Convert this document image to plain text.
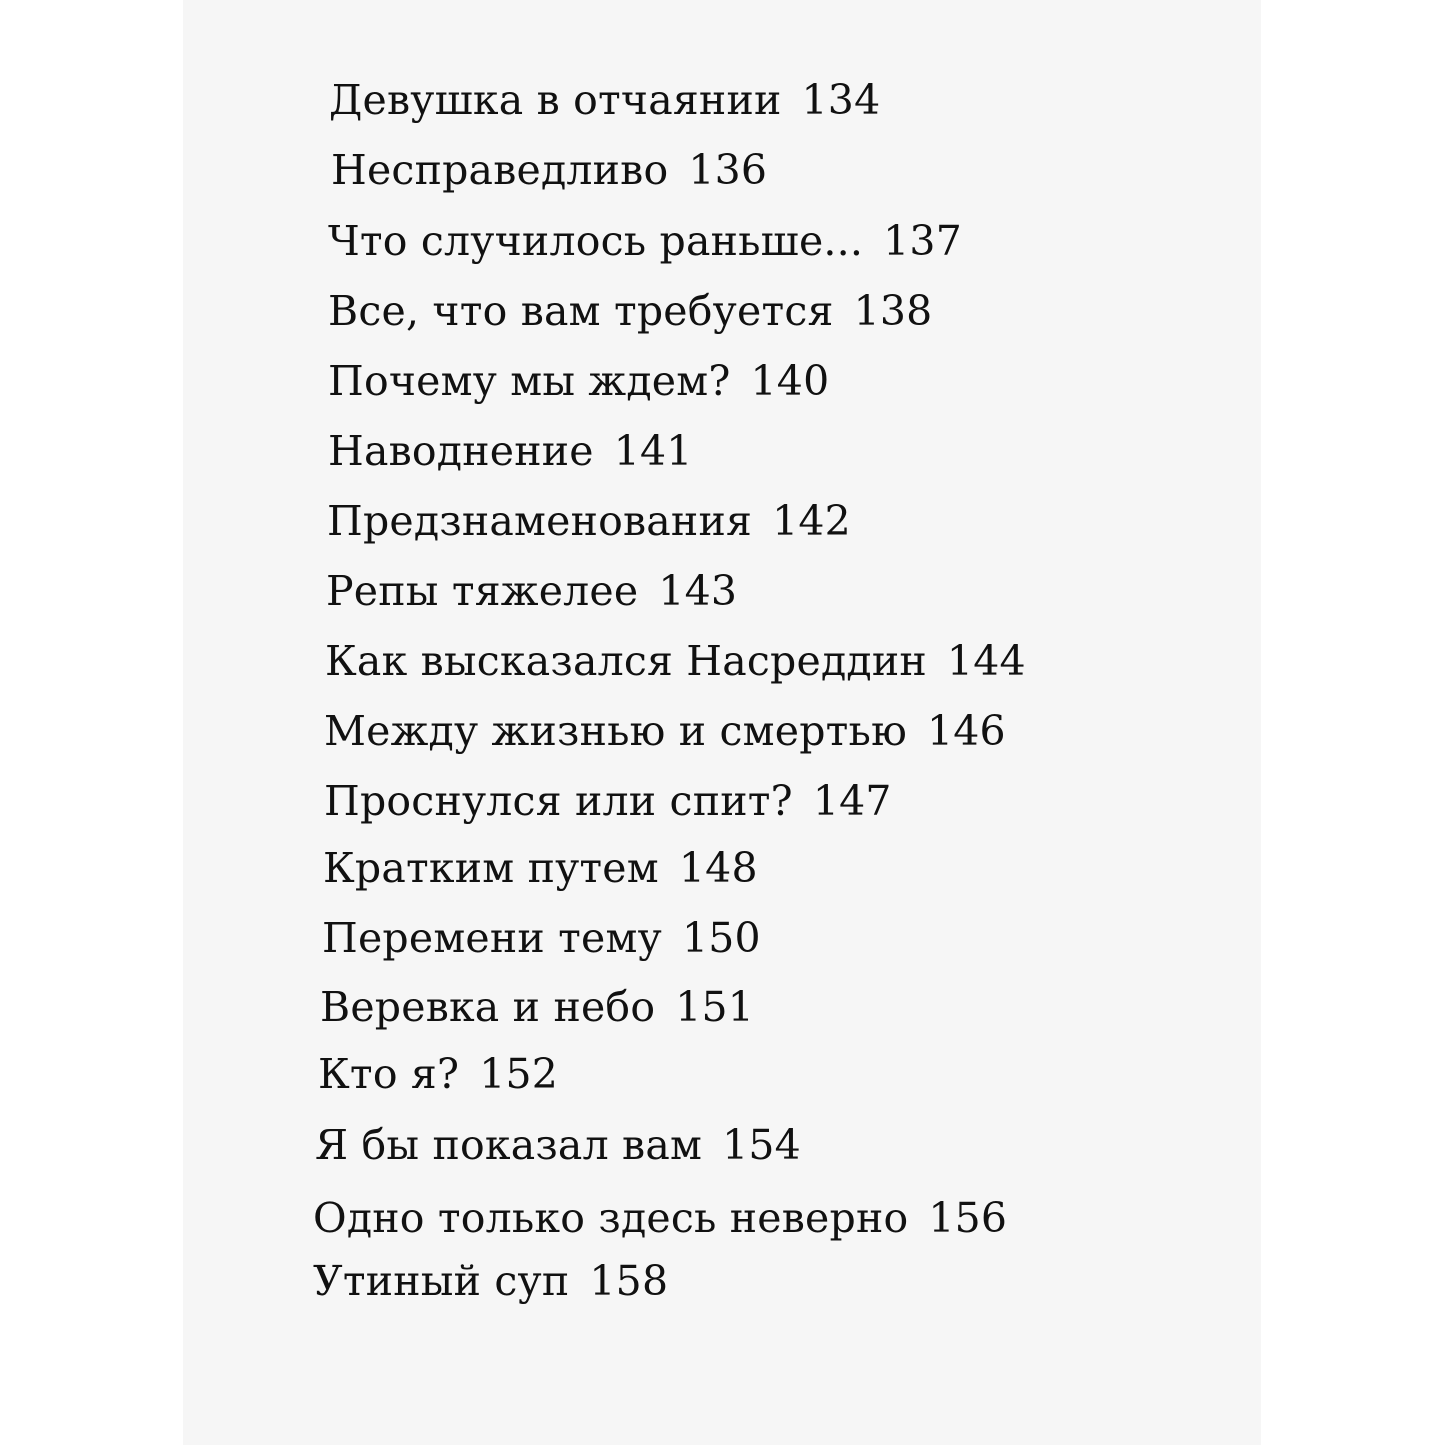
Девушка в отчаянии 134
Несправедливо 136
Что случилось раньше... 137
Все, что вам требуется 138
Почему мы ждем? 140
Наводнение 141
Предзнаменования 142
Репы тяжелее 143
Как высказался Насреддин 144
Между жизнью и смертью 146
Проснулся или спит? 147
Кратким путем 148
Перемени тему 150
Веревка и небо 151
Кто я? 152
Я бы показал вам 154
Одно только здесь неверно 156
Утиный суп 158
